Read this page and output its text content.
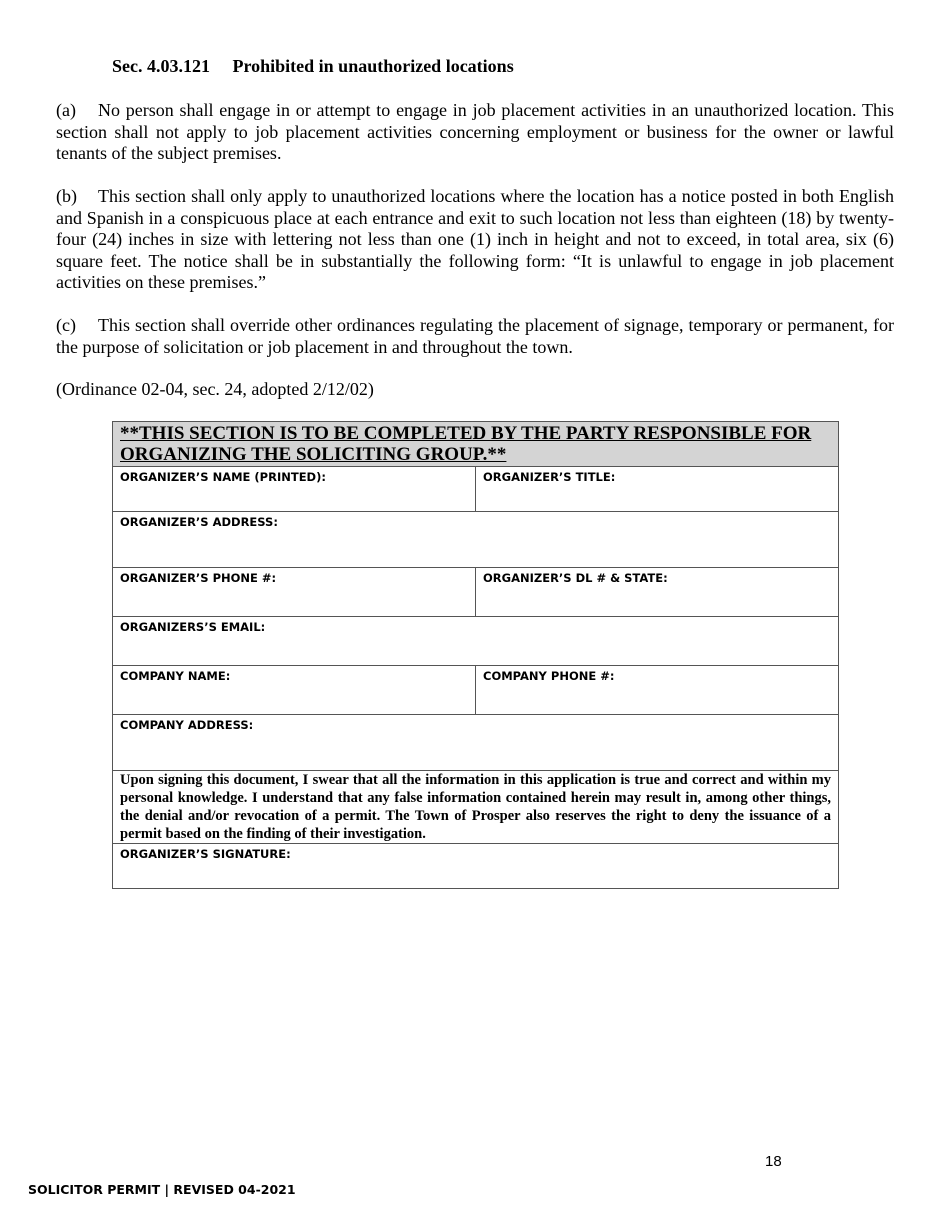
Sec. 4.03.121     Prohibited in unauthorized locations
(a) No person shall engage in or attempt to engage in job placement activities in an unauthorized location. This section shall not apply to job placement activities concerning employment or business for the owner or lawful tenants of the subject premises.
(b) This section shall only apply to unauthorized locations where the location has a notice posted in both English and Spanish in a conspicuous place at each entrance and exit to such location not less than eighteen (18) by twenty-four (24) inches in size with lettering not less than one (1) inch in height and not to exceed, in total area, six (6) square feet. The notice shall be in substantially the following form: “It is unlawful to engage in job placement activities on these premises.”
(c) This section shall override other ordinances regulating the placement of signage, temporary or permanent, for the purpose of solicitation or job placement in and throughout the town.
(Ordinance 02-04, sec. 24, adopted 2/12/02)
**THIS SECTION IS TO BE COMPLETED BY THE PARTY RESPONSIBLE FOR ORGANIZING THE SOLICITING GROUP.**	

ORGANIZER’S NAME (PRINTED):	ORGANIZER’S TITLE:

ORGANIZER’S ADDRESS:	

ORGANIZER’S PHONE #:	ORGANIZER’S DL # & STATE:

ORGANIZERS’S EMAIL:	

COMPANY NAME:	COMPANY PHONE #:

COMPANY ADDRESS:	

Upon signing this document, I swear that all the information in this application is true and correct and within my personal knowledge. I understand that any false information contained herein may result in, among other things, the denial and/or revocation of a permit. The Town of Prosper also reserves the right to deny the issuance of a permit based on the finding of their investigation.	

ORGANIZER’S SIGNATURE:	
18
SOLICITOR PERMIT | REVISED 04-2021
